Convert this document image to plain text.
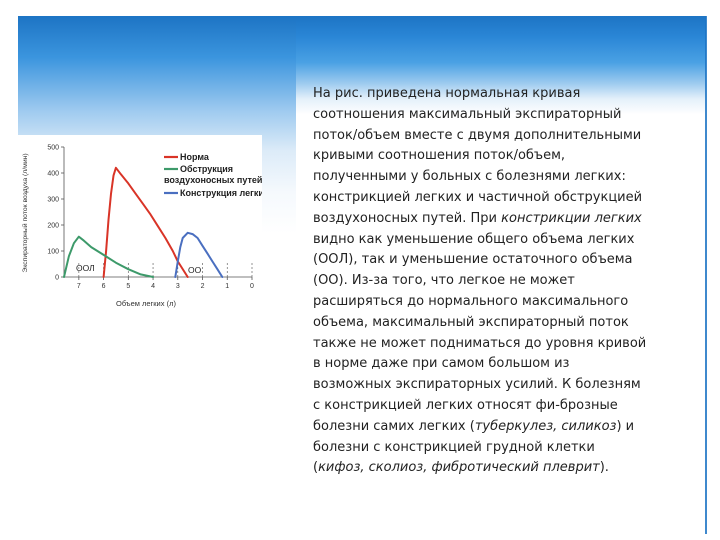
Экспираторный поток воздуха (л/мин)
Объем легких (л)
0
100
200
300
400
500
7	6	5	4	3	2	1	0
ООЛ	ОО
Норма
Обструкция
воздухоносных путей
Конструкция легких

На рис. приведена нормальная кривая
соотношения максимальный экспираторный
поток/объем вместе с двумя дополнительными
кривыми соотношения поток/объем,
полученными у больных с болезнями легких:
констрикцией легких и частичной обструкцией
воздухоносных путей. При констрикции легких
видно как уменьшение общего объема легких
(ООЛ), так и уменьшение остаточного объема
(ОО). Из-за того, что легкое не может
расширяться до нормального максимального
объема, максимальный экспираторный поток
также не может подниматься до уровня кривой
в норме даже при самом большом из
возможных экспираторных усилий. К болезням
с констрикцией легких относят фи-брозные
болезни самих легких (туберкулез, силикоз) и
болезни с констрикцией грудной клетки
(кифоз, сколиоз, фибротический плеврит).
